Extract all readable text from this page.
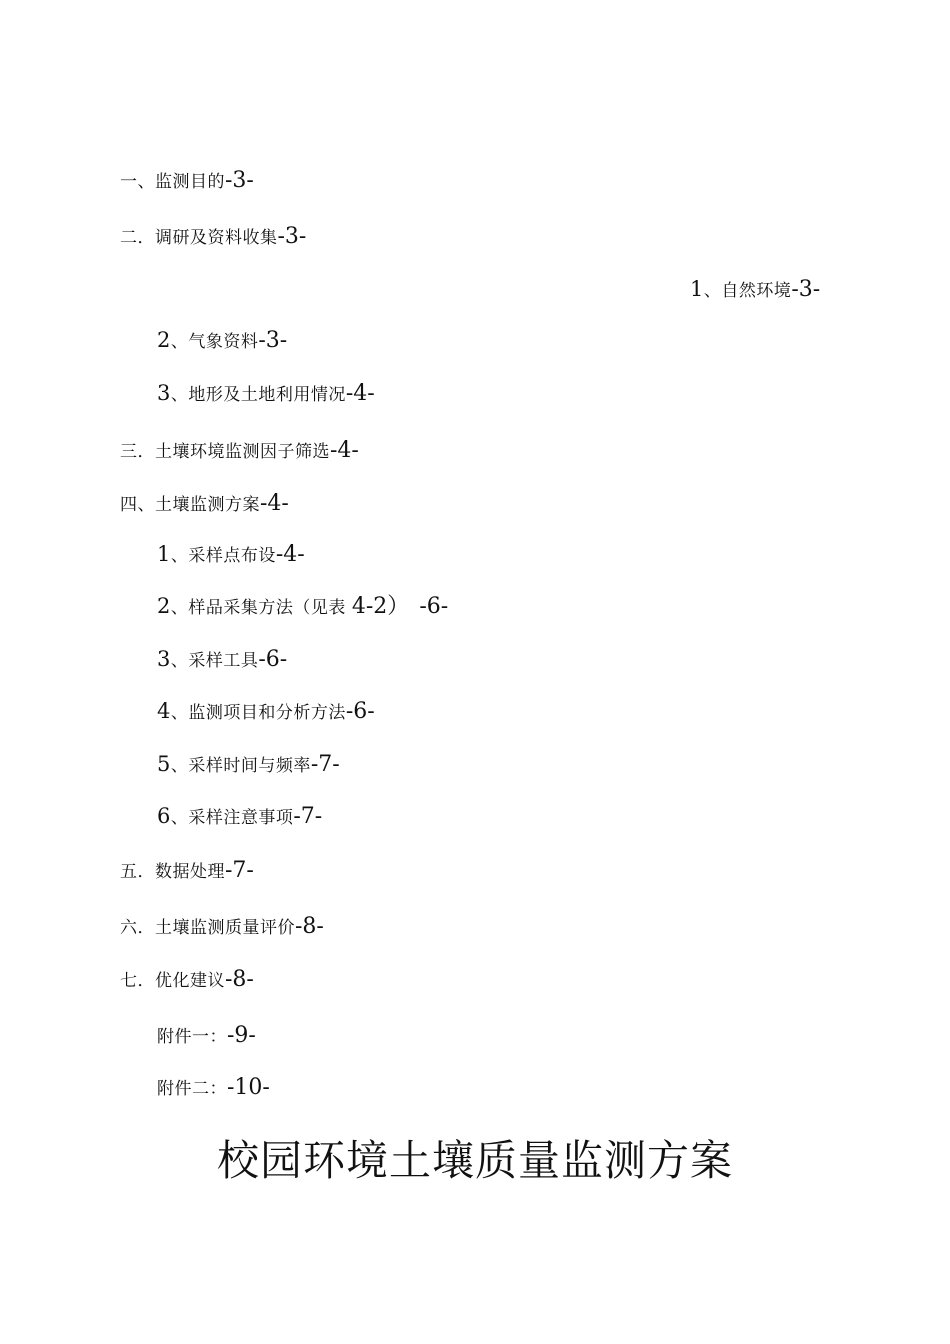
一、监测目的-3-
二．调研及资料收集-3-
1、自然环境-3-
2、气象资料-3-
3、地形及土地利用情况-4-
三．土壤环境监测因子筛选-4-
四、土壤监测方案-4-
1、采样点布设-4-
2、样品采集方法（见表 4-2） -6-
3、采样工具-6-
4、监测项目和分析方法-6-
5、采样时间与频率-7-
6、采样注意事项-7-
五．数据处理-7-
六．土壤监测质量评价-8-
七．优化建议-8-
附件一：-9-
附件二：-10-
校园环境土壤质量监测方案
